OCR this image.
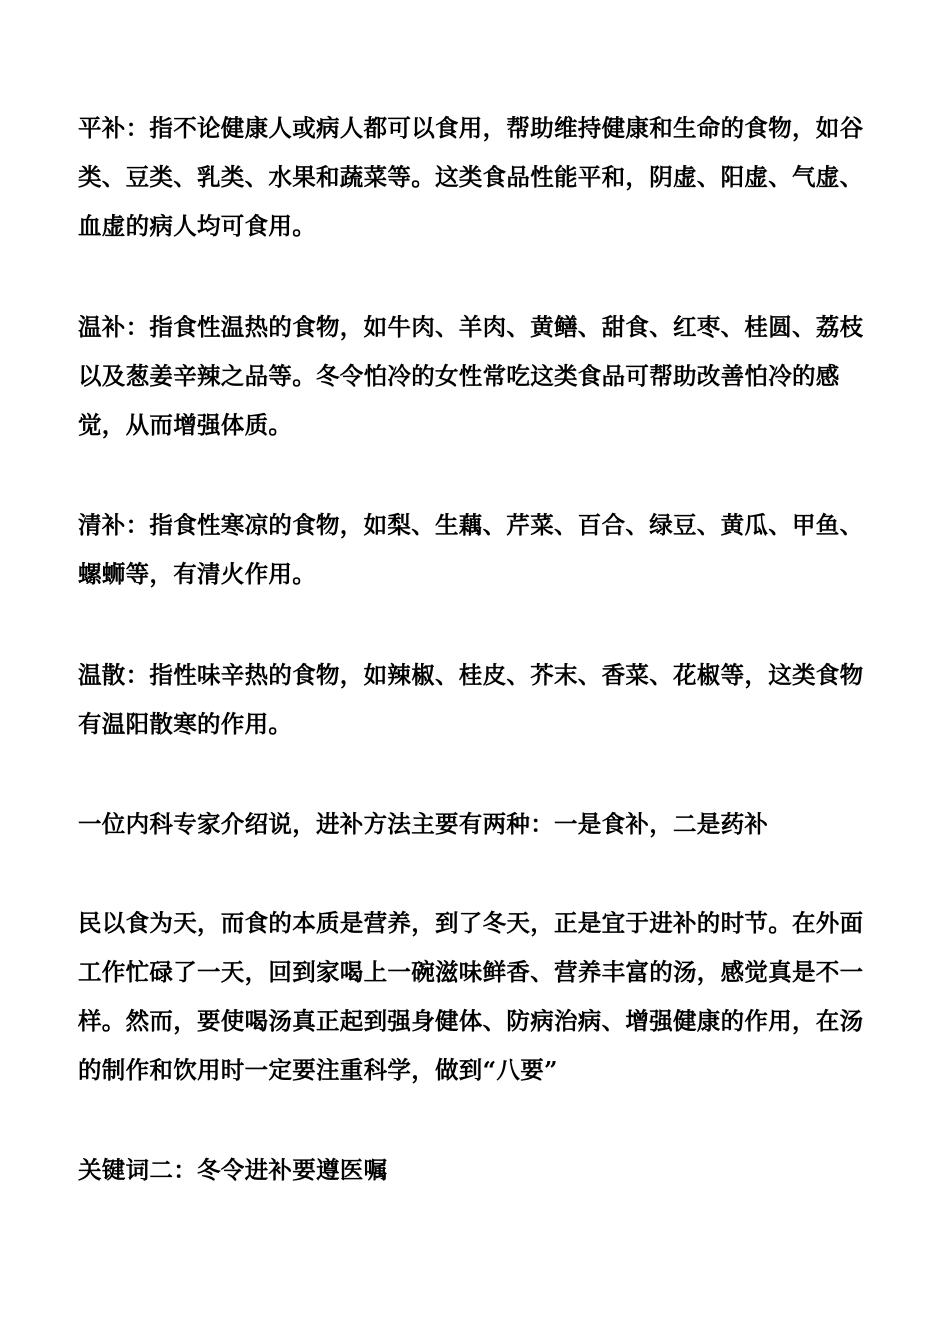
平补：指不论健康人或病人都可以食用，帮助维持健康和生命的食物，如谷
类、豆类、乳类、水果和蔬菜等。这类食品性能平和，阴虚、阳虚、气虚、
血虚的病人均可食用。

温补：指食性温热的食物，如牛肉、羊肉、黄鳝、甜食、红枣、桂圆、荔枝
以及葱姜辛辣之品等。冬令怕冷的女性常吃这类食品可帮助改善怕冷的感
觉，从而增强体质。

清补：指食性寒凉的食物，如梨、生藕、芹菜、百合、绿豆、黄瓜、甲鱼、
螺蛳等，有清火作用。

温散：指性味辛热的食物，如辣椒、桂皮、芥末、香菜、花椒等，这类食物
有温阳散寒的作用。

一位内科专家介绍说，进补方法主要有两种：一是食补，二是药补

民以食为天，而食的本质是营养，到了冬天，正是宜于进补的时节。在外面
工作忙碌了一天，回到家喝上一碗滋味鲜香、营养丰富的汤，感觉真是不一
样。然而，要使喝汤真正起到强身健体、防病治病、增强健康的作用，在汤
的制作和饮用时一定要注重科学，做到“八要”

关键词二：冬令进补要遵医嘱
